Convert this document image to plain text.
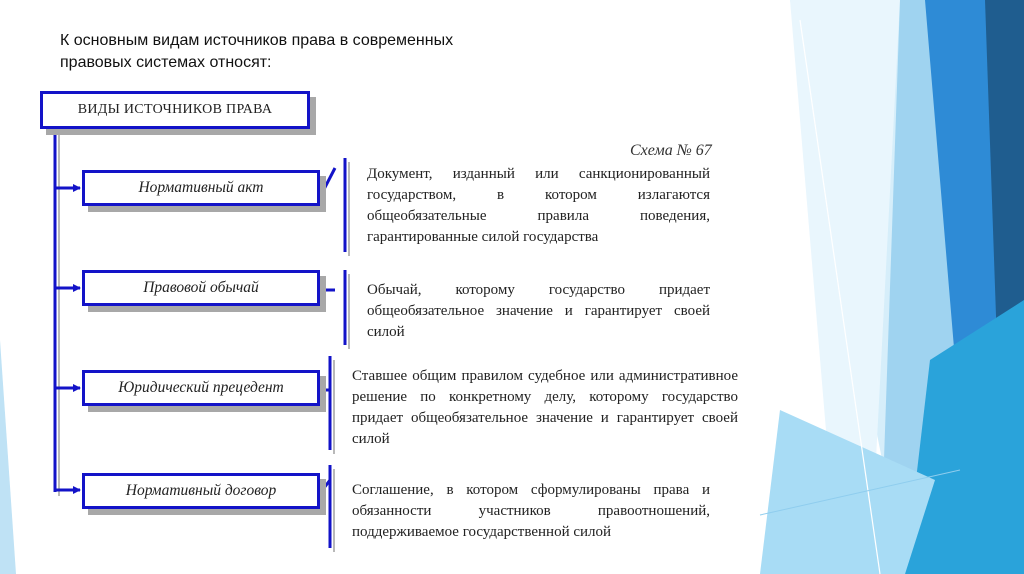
К основным видам источников права в современных
правовых системах относят:
ВИДЫ ИСТОЧНИКОВ ПРАВА
Схема № 67
Нормативный акт
Правовой обычай
Юридический прецедент
Нормативный договор

Документ, изданный или санкционированный государством, в котором излагаются общеобязательные правила поведения, гарантированные силой государства

Обычай, которому государство придает общеобязательное значение и гарантирует своей силой

Ставшее общим правилом судебное или административное решение по конкретному делу, которому государство придает общеобязательное значение и гарантирует своей силой

Соглашение, в котором сформулированы права и обязанности участников правоотношений, поддерживаемое государственной силой
